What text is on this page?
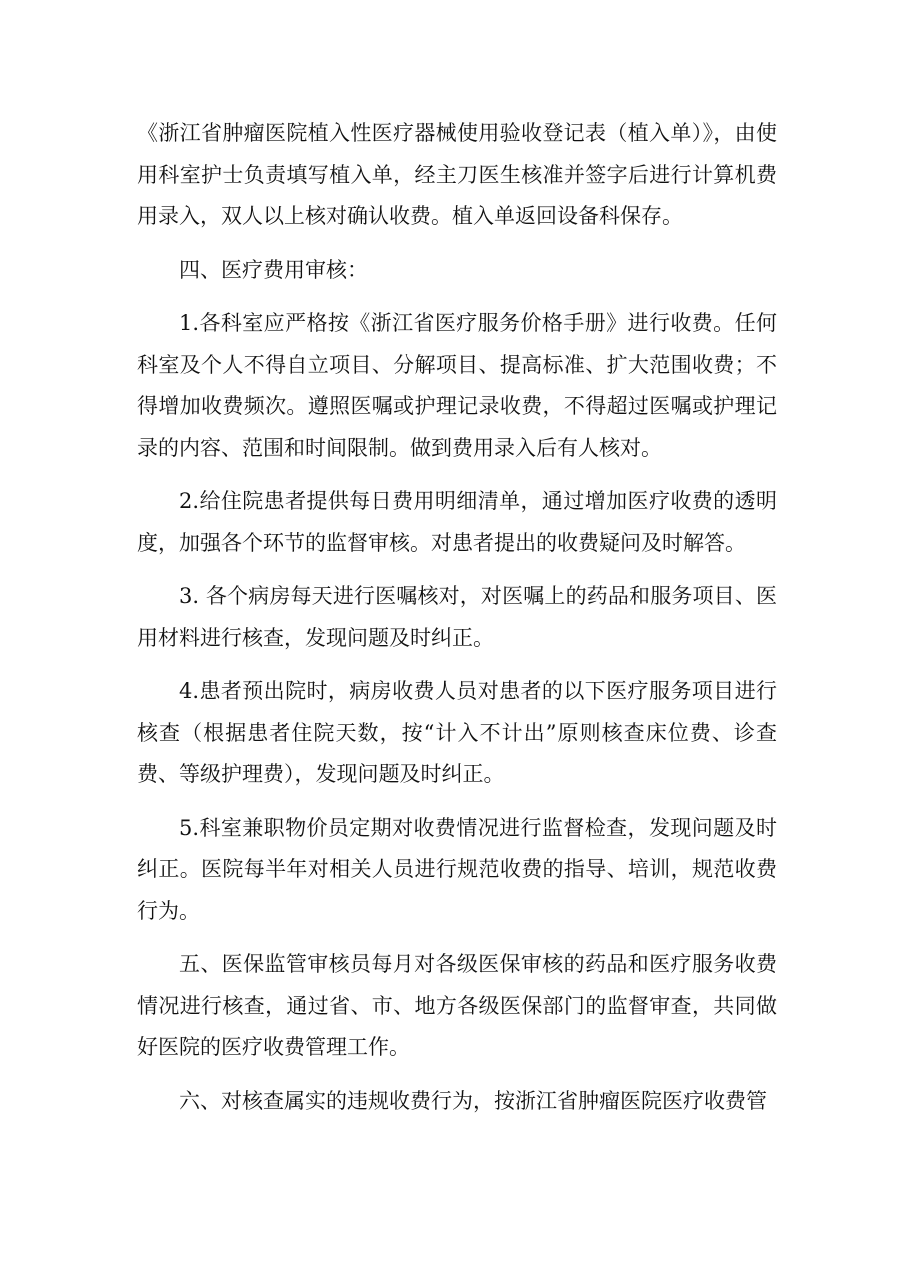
《浙江省肿瘤医院植入性医疗器械使用验收登记表（植入单）》，由使用科室护士负责填写植入单，经主刀医生核准并签字后进行计算机费用录入，双人以上核对确认收费。植入单返回设备科保存。

四、医疗费用审核：

1.各科室应严格按《浙江省医疗服务价格手册》进行收费。任何科室及个人不得自立项目、分解项目、提高标准、扩大范围收费；不得增加收费频次。遵照医嘱或护理记录收费，不得超过医嘱或护理记录的内容、范围和时间限制。做到费用录入后有人核对。

2.给住院患者提供每日费用明细清单，通过增加医疗收费的透明度，加强各个环节的监督审核。对患者提出的收费疑问及时解答。

3. 各个病房每天进行医嘱核对，对医嘱上的药品和服务项目、医用材料进行核查，发现问题及时纠正。

4.患者预出院时，病房收费人员对患者的以下医疗服务项目进行核查（根据患者住院天数，按“计入不计出”原则核查床位费、诊查费、等级护理费），发现问题及时纠正。

5.科室兼职物价员定期对收费情况进行监督检查，发现问题及时纠正。医院每半年对相关人员进行规范收费的指导、培训，规范收费行为。

五、医保监管审核员每月对各级医保审核的药品和医疗服务收费情况进行核查，通过省、市、地方各级医保部门的监督审查，共同做好医院的医疗收费管理工作。

六、对核查属实的违规收费行为，按浙江省肿瘤医院医疗收费管
